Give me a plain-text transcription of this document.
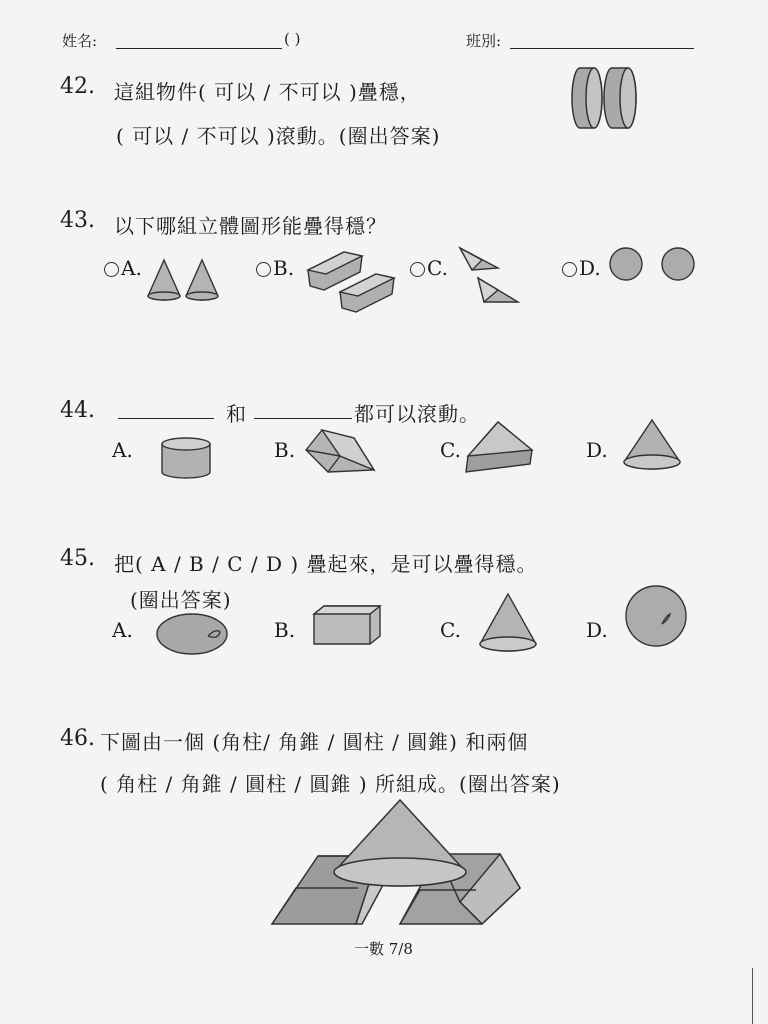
姓名:	( )	班別:
42. 這組物件( 可以 / 不可以 )疊穩，
( 可以 / 不可以 )滾動。(圈出答案)
43. 以下哪組立體圖形能疊得穩？
A.	B.	C.	D.
44.	和	都可以滾動。
A.	B.	C.	D.
45. 把( A / B / C / D ) 疊起來，是可以疊得穩。
(圈出答案)
A.	B.	C.	D.
46. 下圖由一個 (角柱/ 角錐 / 圓柱 / 圓錐) 和兩個
( 角柱 / 角錐 / 圓柱 / 圓錐 ) 所組成。(圈出答案)
一數 7/8
